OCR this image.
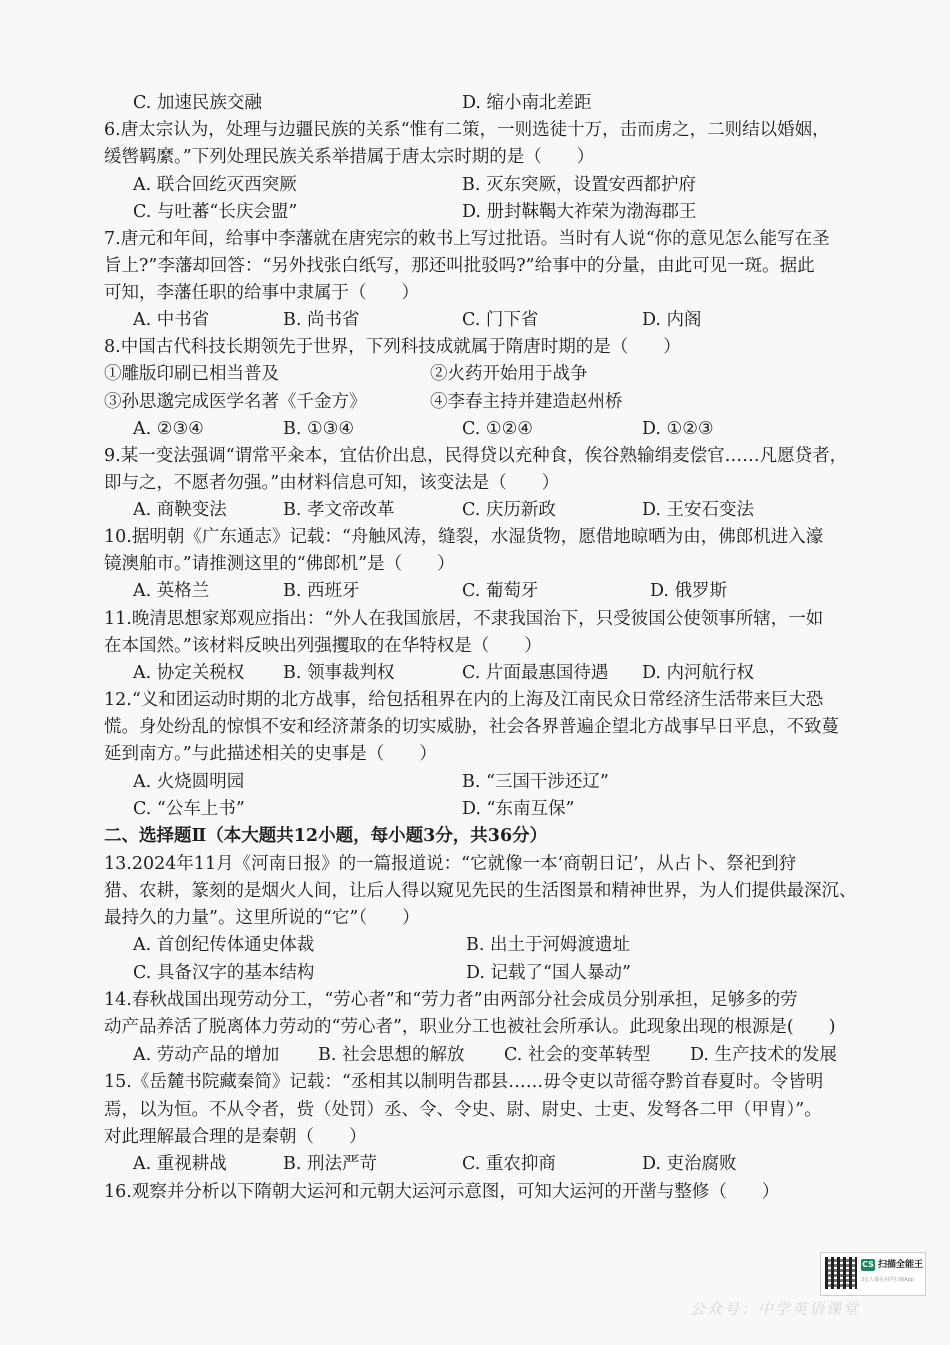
C. 加速民族交融	D. 缩小南北差距
6.唐太宗认为，处理与边疆民族的关系“惟有二策，一则选徒十万，击而虏之，二则结以婚姻，
缓辔羁縻。”下列处理民族关系举措属于唐太宗时期的是（　　）
A. 联合回纥灭西突厥	B. 灭东突厥，设置安西都护府
C. 与吐蕃“长庆会盟”	D. 册封靺鞨大祚荣为渤海郡王
7.唐元和年间，给事中李藩就在唐宪宗的敕书上写过批语。当时有人说“你的意见怎么能写在圣
旨上?”李藩却回答：“另外找张白纸写，那还叫批驳吗?”给事中的分量，由此可见一斑。据此
可知，李藩任职的给事中隶属于（　　）
A. 中书省	B. 尚书省	C. 门下省	D. 内阁
8.中国古代科技长期领先于世界，下列科技成就属于隋唐时期的是（　　）
①雕版印刷已相当普及	②火药开始用于战争
③孙思邈完成医学名著《千金方》	④李春主持并建造赵州桥
A. ②③④	B. ①③④	C. ①②④	D. ①②③
9.某一变法强调“谓常平籴本，宜估价出息，民得贷以充种食，俟谷熟输绢麦偿官……凡愿贷者，
即与之，不愿者勿强。”由材料信息可知，该变法是（　　）
A. 商鞅变法	B. 孝文帝改革	C. 庆历新政	D. 王安石变法
10.据明朝《广东通志》记载：“舟触风涛，缝裂，水湿货物，愿借地晾晒为由，佛郎机进入濠
镜澳舶市。”请推测这里的“佛郎机”是（　　）
A. 英格兰	B. 西班牙	C. 葡萄牙	D. 俄罗斯
11.晚清思想家郑观应指出：“外人在我国旅居，不隶我国治下，只受彼国公使领事所辖，一如
在本国然。”该材料反映出列强攫取的在华特权是（　　）
A. 协定关税权 B. 领事裁判权	C. 片面最惠国待遇 D. 内河航行权
12.“义和团运动时期的北方战事，给包括租界在内的上海及江南民众日常经济生活带来巨大恐
慌。身处纷乱的惊惧不安和经济萧条的切实威胁，社会各界普遍企望北方战事早日平息，不致蔓
延到南方。”与此描述相关的史事是（　　）
A. 火烧圆明园	B. “三国干涉还辽”
C. “公车上书”	D. “东南互保”
二、选择题Ⅱ（本大题共12小题，每小题3分，共36分）
13.2024年11月《河南日报》的一篇报道说：“它就像一本‘商朝日记’，从占卜、祭祀到狩
猎、农耕，篆刻的是烟火人间，让后人得以窥见先民的生活图景和精神世界，为人们提供最深沉、
最持久的力量”。这里所说的“它”（　　）
A. 首创纪传体通史体裁	B. 出土于河姆渡遗址
C. 具备汉字的基本结构	D. 记载了“国人暴动”
14.春秋战国出现劳动分工，“劳心者”和“劳力者”由两部分社会成员分别承担，足够多的劳
动产品养活了脱离体力劳动的“劳心者”，职业分工也被社会所承认。此现象出现的根源是(　　)
A. 劳动产品的增加 B. 社会思想的解放 C. 社会的变革转型 D. 生产技术的发展
15.《岳麓书院藏秦简》记载：“丞相其以制明告郡县……毋令吏以苛徭夺黔首春夏时。令皆明
焉，以为恒。不从令者，赀（处罚）丞、令、令史、尉、尉史、士吏、发弩各二甲（甲胄）”。
对此理解最合理的是秦朝（　　）
A. 重视耕战	B. 刑法严苛	C. 重农抑商	D. 吏治腐败
16.观察并分析以下隋朝大运河和元朝大运河示意图，可知大运河的开凿与整修（　　）
CS 扫描全能王
3亿人都在用的扫描App
公众号：中学英语课堂
